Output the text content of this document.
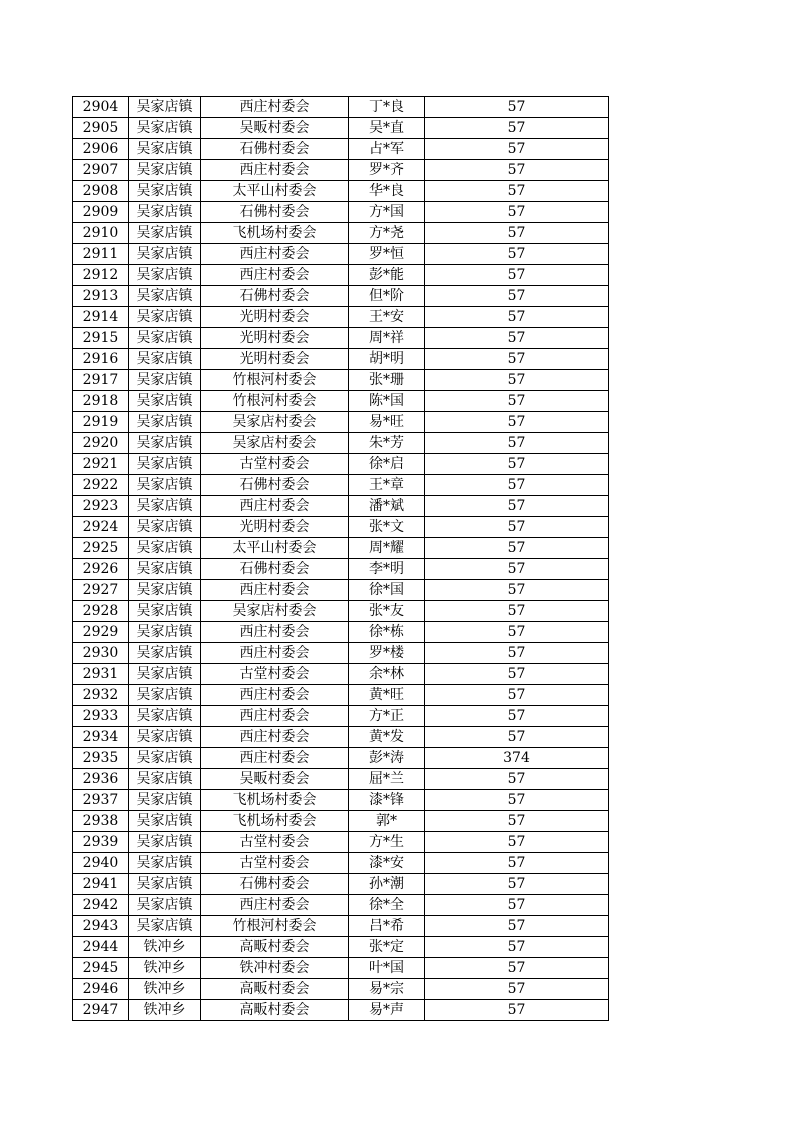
2904	吴家店镇	西庄村委会	丁*良	57
2905	吴家店镇	吴畈村委会	吴*直	57
2906	吴家店镇	石佛村委会	占*军	57
2907	吴家店镇	西庄村委会	罗*齐	57
2908	吴家店镇	太平山村委会	华*良	57
2909	吴家店镇	石佛村委会	方*国	57
2910	吴家店镇	飞机场村委会	方*尧	57
2911	吴家店镇	西庄村委会	罗*恒	57
2912	吴家店镇	西庄村委会	彭*能	57
2913	吴家店镇	石佛村委会	但*阶	57
2914	吴家店镇	光明村委会	王*安	57
2915	吴家店镇	光明村委会	周*祥	57
2916	吴家店镇	光明村委会	胡*明	57
2917	吴家店镇	竹根河村委会	张*珊	57
2918	吴家店镇	竹根河村委会	陈*国	57
2919	吴家店镇	吴家店村委会	易*旺	57
2920	吴家店镇	吴家店村委会	朱*芳	57
2921	吴家店镇	古堂村委会	徐*启	57
2922	吴家店镇	石佛村委会	王*章	57
2923	吴家店镇	西庄村委会	潘*斌	57
2924	吴家店镇	光明村委会	张*文	57
2925	吴家店镇	太平山村委会	周*耀	57
2926	吴家店镇	石佛村委会	李*明	57
2927	吴家店镇	西庄村委会	徐*国	57
2928	吴家店镇	吴家店村委会	张*友	57
2929	吴家店镇	西庄村委会	徐*栋	57
2930	吴家店镇	西庄村委会	罗*楼	57
2931	吴家店镇	古堂村委会	余*林	57
2932	吴家店镇	西庄村委会	黄*旺	57
2933	吴家店镇	西庄村委会	方*正	57
2934	吴家店镇	西庄村委会	黄*发	57
2935	吴家店镇	西庄村委会	彭*涛	374
2936	吴家店镇	吴畈村委会	屈*兰	57
2937	吴家店镇	飞机场村委会	漆*锋	57
2938	吴家店镇	飞机场村委会	郭*	57
2939	吴家店镇	古堂村委会	方*生	57
2940	吴家店镇	古堂村委会	漆*安	57
2941	吴家店镇	石佛村委会	孙*潮	57
2942	吴家店镇	西庄村委会	徐*全	57
2943	吴家店镇	竹根河村委会	吕*希	57
2944	铁冲乡	高畈村委会	张*定	57
2945	铁冲乡	铁冲村委会	叶*国	57
2946	铁冲乡	高畈村委会	易*宗	57
2947	铁冲乡	高畈村委会	易*声	57
